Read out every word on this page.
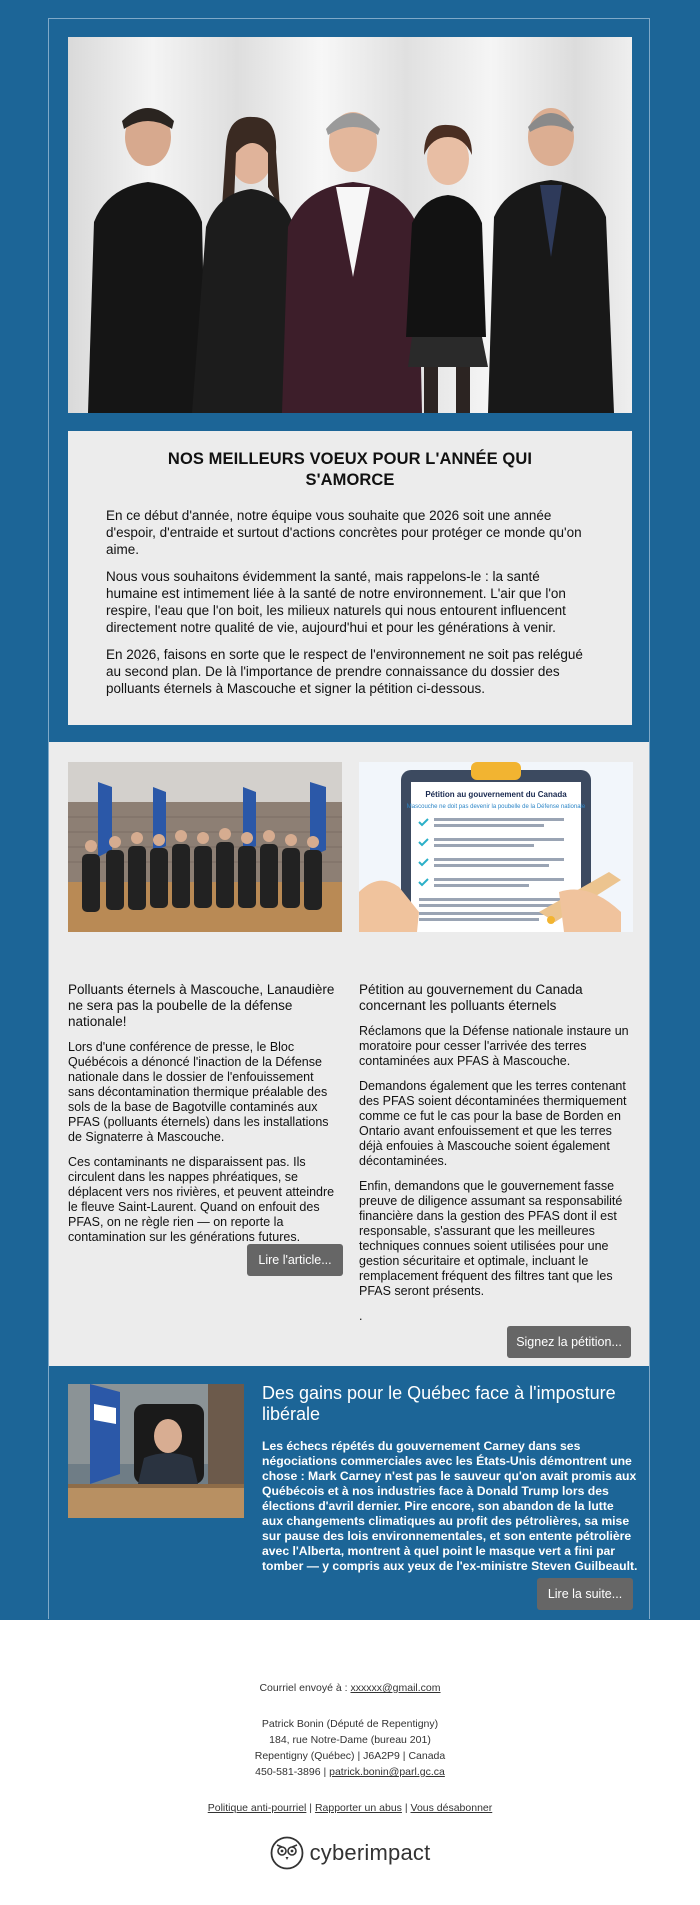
NOS MEILLEURS VOEUX POUR L'ANNÉE QUI S'AMORCE

En ce début d'année, notre équipe vous souhaite que 2026 soit une année d'espoir, d'entraide et surtout d'actions concrètes pour protéger ce monde qu'on aime.

Nous vous souhaitons évidemment la santé, mais rappelons-le : la santé humaine est intimement liée à la santé de notre environnement. L'air que l'on respire, l'eau que l'on boit, les milieux naturels qui nous entourent influencent directement notre qualité de vie, aujourd'hui et pour les générations à venir.

En 2026, faisons en sorte que le respect de l'environnement ne soit pas relégué au second plan. De là l'importance de prendre connaissance du dossier des polluants éternels à Mascouche et signer la pétition ci-dessous.

Pétition au gouvernement du Canada
Mascouche ne doit pas devenir la poubelle de la Défense nationale
Polluants éternels à Mascouche, Lanaudière ne sera pas la poubelle de la défense nationale!

Lors d'une conférence de presse, le Bloc Québécois a dénoncé l'inaction de la Défense nationale dans le dossier de l'enfouissement sans décontamination thermique préalable des sols de la base de Bagotville contaminés aux PFAS (polluants éternels) dans les installations de Signaterre à Mascouche.

Ces contaminants ne disparaissent pas. Ils circulent dans les nappes phréatiques, se déplacent vers nos rivières, et peuvent atteindre le fleuve Saint-Laurent. Quand on enfouit des PFAS, on ne règle rien — on reporte la contamination sur les générations futures.

Pétition au gouvernement du Canada concernant les polluants éternels

Réclamons que la Défense nationale instaure un moratoire pour cesser l'arrivée des terres contaminées aux PFAS à Mascouche.

Demandons également que les terres contenant des PFAS soient décontaminées thermiquement comme ce fut le cas pour la base de Borden en Ontario avant enfouissement et que les terres déjà enfouies à Mascouche soient également décontaminées.

Enfin, demandons que le gouvernement fasse preuve de diligence assumant sa responsabilité financière dans la gestion des PFAS dont il est responsable, s'assurant que les meilleures techniques connues soient utilisées pour une gestion sécuritaire et optimale, incluant le remplacement fréquent des filtres tant que les PFAS seront présents.

.

Lire l'article...
Signez la pétition...
Des gains pour le Québec face à l'imposture libérale

Les échecs répétés du gouvernement Carney dans ses négociations commerciales avec les États-Unis démontrent une chose : Mark Carney n'est pas le sauveur qu'on avait promis aux Québécois et à nos industries face à Donald Trump lors des élections d'avril dernier. Pire encore, son abandon de la lutte aux changements climatiques au profit des pétrolières, sa mise sur pause des lois environnementales, et son entente pétrolière avec l'Alberta, montrent à quel point le masque vert a fini par tomber — y compris aux yeux de l'ex-ministre Steven Guilbeault.

Lire la suite...
Courriel envoyé à : xxxxxx@gmail.com
Patrick Bonin (Député de Repentigny)
184, rue Notre-Dame (bureau 201)
Repentigny (Québec) | J6A2P9 | Canada
450-581-3896 | patrick.bonin@parl.gc.ca
Politique anti-pourriel | Rapporter un abus | Vous désabonner
cyberimpact
